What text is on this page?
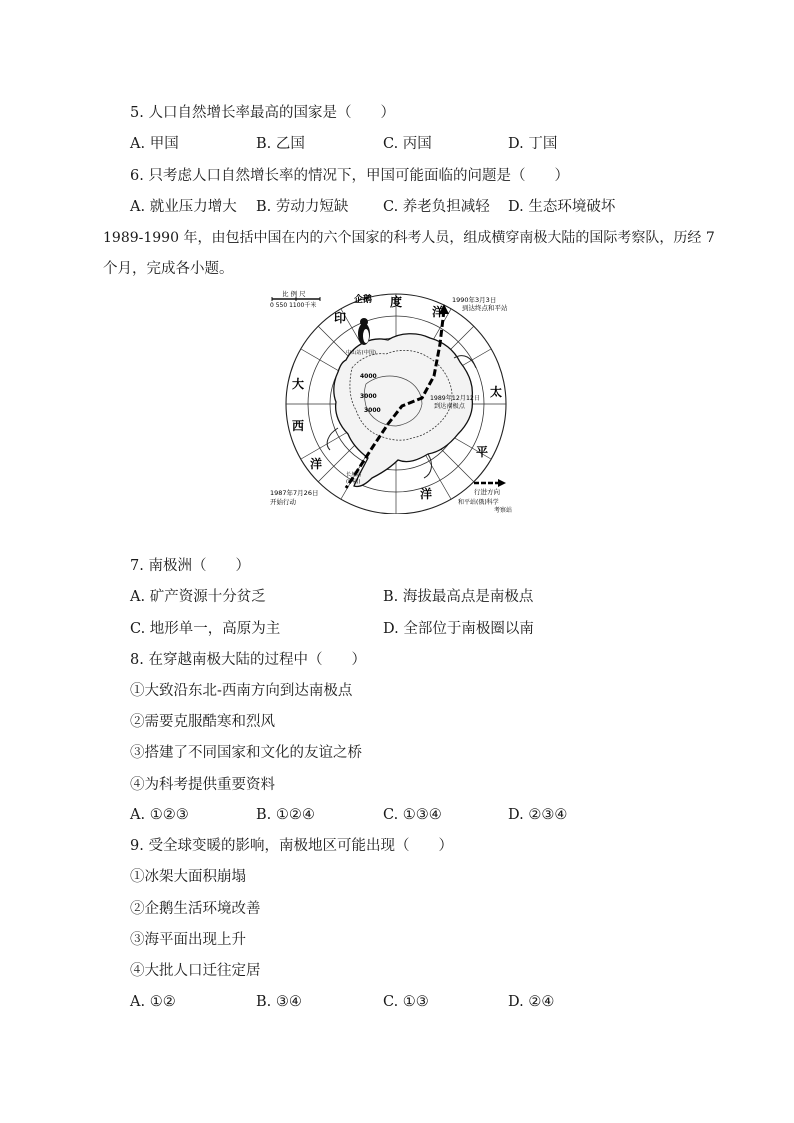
5. 人口自然增长率最高的国家是（　　）
A. 甲国	B. 乙国	C. 丙国	D. 丁国
6. 只考虑人口自然增长率的情况下，甲国可能面临的问题是（　　）
A. 就业压力增大 B. 劳动力短缺 C. 养老负担减轻 D. 生态环境破坏
1989-1990 年，由包括中国在内的六个国家的科考人员，组成横穿南极大陆的国际考察队，历经 7
个月，完成各小题。
比 例 尺
0 550 1100千米
企鹅
印
度
洋
大
西
洋
太
平
洋
1990年3月3日
到达终点和平站
1989年12月12日
到达南极点
1987年7月26日
开始行动
中山站(中国)
4000
3000
3000
长城站
(中国)
行进方向
和平站(俄)科学
考察站
7. 南极洲（　　）
A. 矿产资源十分贫乏	B. 海拔最高点是南极点
C. 地形单一，高原为主	D. 全部位于南极圈以南
8. 在穿越南极大陆的过程中（　　）
①大致沿东北-西南方向到达南极点
②需要克服酷寒和烈风
③搭建了不同国家和文化的友谊之桥
④为科考提供重要资料
A. ①②③	B. ①②④	C. ①③④	D. ②③④
9. 受全球变暖的影响，南极地区可能出现（　　）
①冰架大面积崩塌
②企鹅生活环境改善
③海平面出现上升
④大批人口迁往定居
A. ①②	B. ③④	C. ①③	D. ②④
